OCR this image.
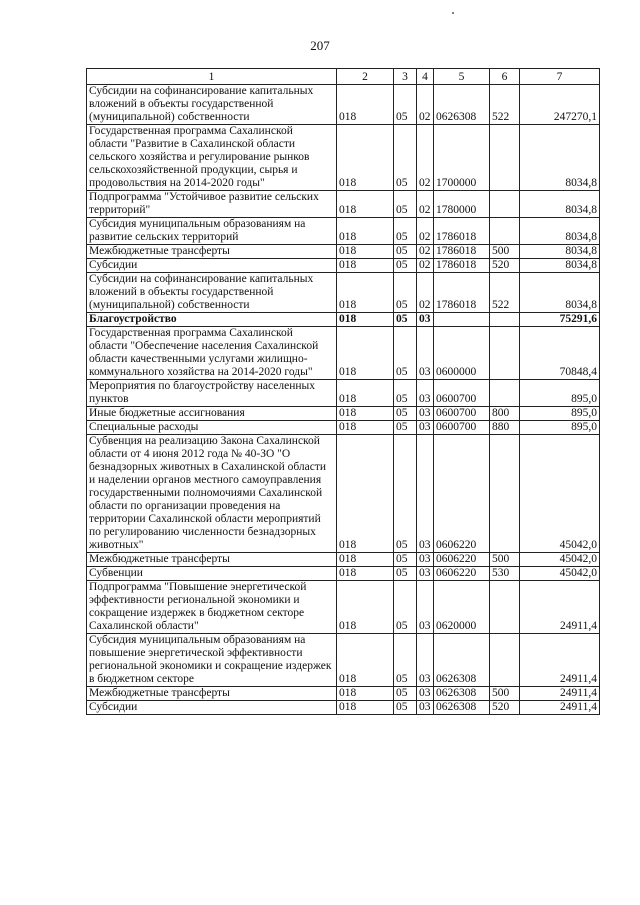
207
1	2	3	4	5	6	7
Субсидии на софинансирование капитальных вложений в объекты государственной (муниципальной) собственности	018	05	02	0626308	522	247270,1
Государственная программа Сахалинской области "Развитие в Сахалинской области сельского хозяйства и регулирование рынков сельскохозяйственной продукции, сырья и продовольствия на 2014-2020 годы"	018	05	02	1700000		8034,8
Подпрограмма "Устойчивое развитие сельских территорий"	018	05	02	1780000		8034,8
Субсидия муниципальным образованиям на развитие сельских территорий	018	05	02	1786018		8034,8
Межбюджетные трансферты	018	05	02	1786018	500	8034,8
Субсидии	018	05	02	1786018	520	8034,8
Субсидии на софинансирование капитальных вложений в объекты государственной (муниципальной) собственности	018	05	02	1786018	522	8034,8
Благоустройство	018	05	03			75291,6
Государственная программа Сахалинской области "Обеспечение населения Сахалинской области качественными услугами жилищно-коммунального хозяйства на 2014-2020 годы"	018	05	03	0600000		70848,4
Мероприятия по благоустройству населенных пунктов	018	05	03	0600700		895,0
Иные бюджетные ассигнования	018	05	03	0600700	800	895,0
Специальные расходы	018	05	03	0600700	880	895,0
Субвенция на реализацию Закона Сахалинской области от 4 июня 2012 года № 40-ЗО "О безнадзорных животных в Сахалинской области и наделении органов местного самоуправления государственными полномочиями Сахалинской области по организации проведения на территории Сахалинской области мероприятий по регулированию численности безнадзорных животных"	018	05	03	0606220		45042,0
Межбюджетные трансферты	018	05	03	0606220	500	45042,0
Субвенции	018	05	03	0606220	530	45042,0
Подпрограмма "Повышение энергетической эффективности региональной экономики и сокращение издержек в бюджетном секторе Сахалинской области"	018	05	03	0620000		24911,4
Субсидия муниципальным образованиям на повышение энергетической эффективности региональной экономики и сокращение издержек в бюджетном секторе	018	05	03	0626308		24911,4
Межбюджетные трансферты	018	05	03	0626308	500	24911,4
Субсидии	018	05	03	0626308	520	24911,4
